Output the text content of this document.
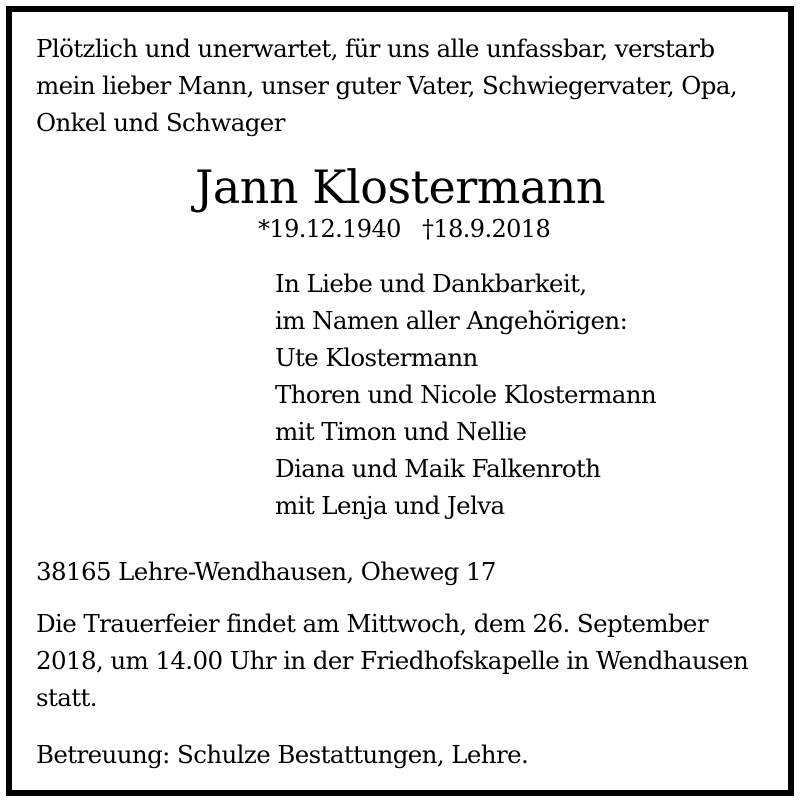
Plötzlich und unerwartet, für uns alle unfassbar, verstarb
mein lieber Mann, unser guter Vater, Schwiegervater, Opa,
Onkel und Schwager

Jann Klostermann
*19.12.1940 †18.9.2018

In Liebe und Dankbarkeit,
im Namen aller Angehörigen:
Ute Klostermann
Thoren und Nicole Klostermann
mit Timon und Nellie
Diana und Maik Falkenroth
mit Lenja und Jelva

38165 Lehre-Wendhausen, Oheweg 17

Die Trauerfeier findet am Mittwoch, dem 26. September
2018, um 14.00 Uhr in der Friedhofskapelle in Wendhausen
statt.

Betreuung: Schulze Bestattungen, Lehre.
